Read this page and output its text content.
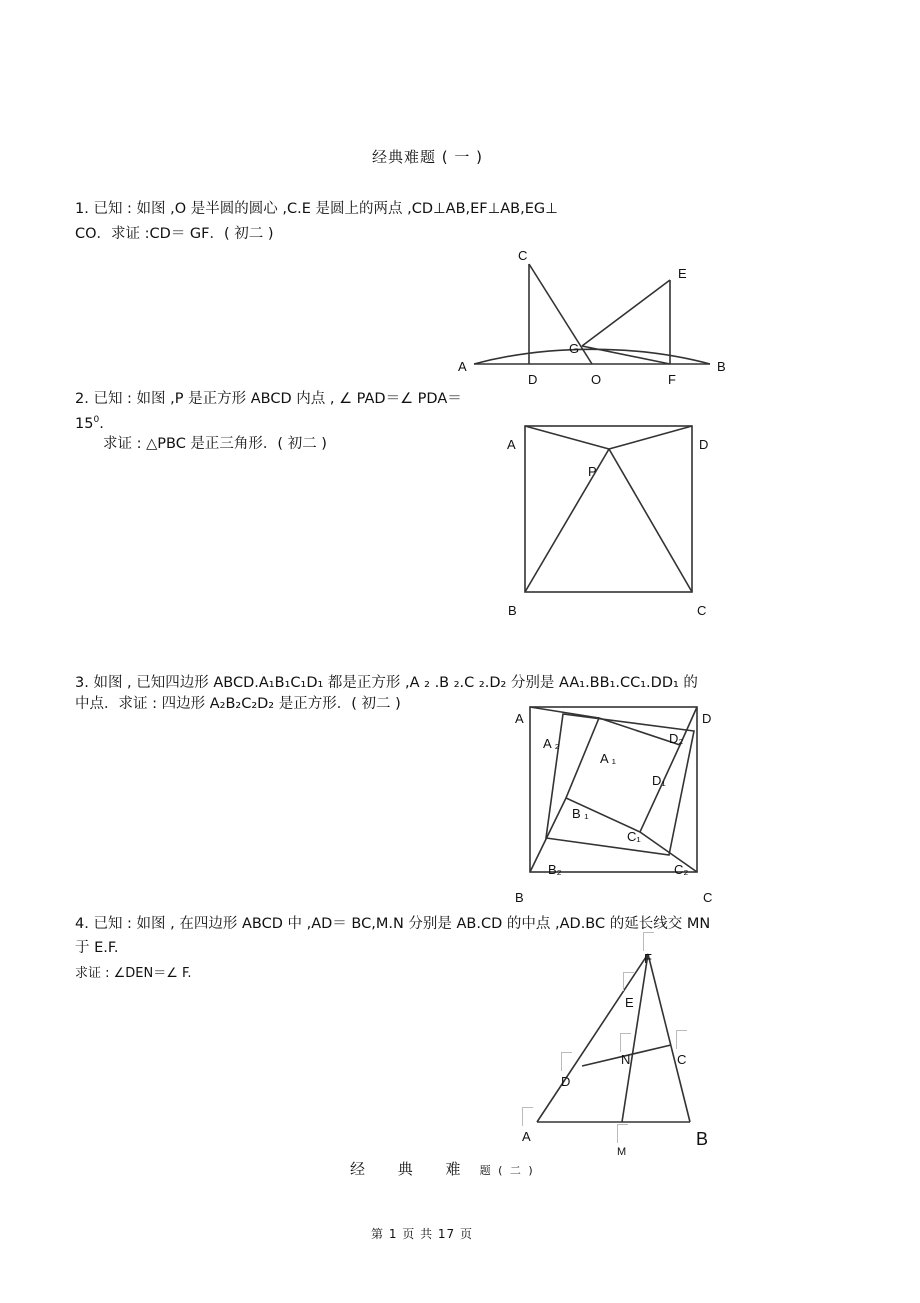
经典难题 ( 一 )
1. 已知 : 如图 ,O 是半圆的圆心 ,C.E 是圆上的两点 ,CD⊥AB,EF⊥AB,EG⊥
CO．求证 :CD＝ GF．( 初二 )
C
E
G
A	B
D	O	F
2. 已知 : 如图 ,P 是正方形 ABCD 内点 , ∠ PAD＝∠ PDA＝
$15^0$.
求证 : △PBC 是正三角形．( 初二 )	A	D
P
B	C
3. 如图 , 已知四边形 ABCD.A₁B₁C₁D₁ 都是正方形 ,A ₂ .B ₂.C ₂.D₂ 分别是 AA₁.BB₁.CC₁.DD₁ 的
中点．求证 : 四边形 A₂B₂C₂D₂ 是正方形．( 初二 )
A	D
A ₂	D₂
A ₁
D₁
B ₁
C₁
B₂	C₂
B	C
4. 已知 : 如图 , 在四边形 ABCD 中 ,AD＝ BC,M.N 分别是 AB.CD 的中点 ,AD.BC 的延长线交 MN
于 E.F.
求证 : ∠DEN＝∠ F.
F
E
N	C
D
A	B
M
经 典 难 题 ( 二 )
第 1 页 共 17 页
